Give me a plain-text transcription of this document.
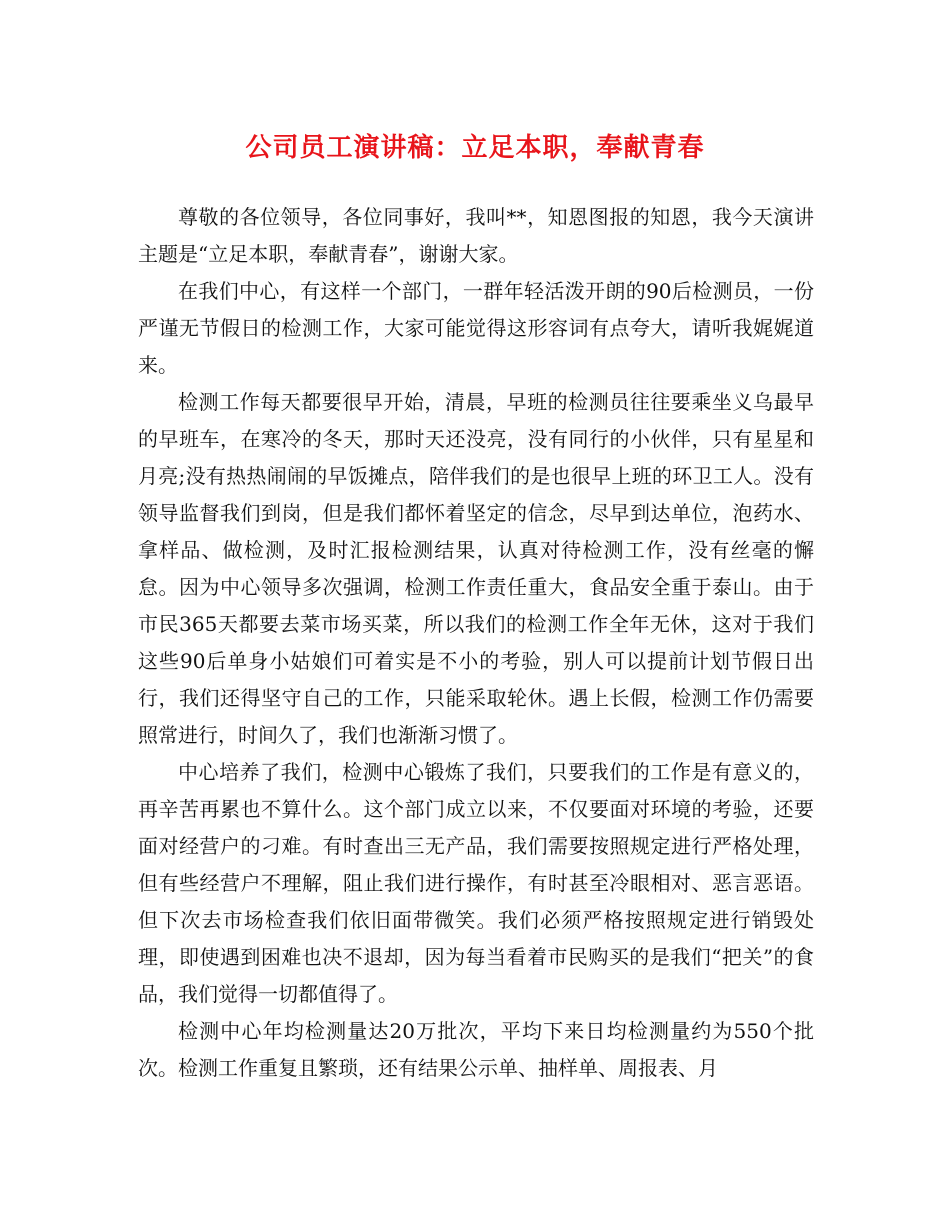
公司员工演讲稿：立足本职，奉献青春

尊敬的各位领导，各位同事好，我叫**，知恩图报的知恩，我今天演讲主题是“立足本职，奉献青春”，谢谢大家。

在我们中心，有这样一个部门，一群年轻活泼开朗的90后检测员，一份严谨无节假日的检测工作，大家可能觉得这形容词有点夸大，请听我娓娓道来。

检测工作每天都要很早开始，清晨，早班的检测员往往要乘坐义乌最早的早班车，在寒冷的冬天，那时天还没亮，没有同行的小伙伴，只有星星和月亮;没有热热闹闹的早饭摊点，陪伴我们的是也很早上班的环卫工人。没有领导监督我们到岗，但是我们都怀着坚定的信念，尽早到达单位，泡药水、拿样品、做检测，及时汇报检测结果，认真对待检测工作，没有丝毫的懈怠。因为中心领导多次强调，检测工作责任重大，食品安全重于泰山。由于市民365天都要去菜市场买菜，所以我们的检测工作全年无休，这对于我们这些90后单身小姑娘们可着实是不小的考验，别人可以提前计划节假日出行，我们还得坚守自己的工作，只能采取轮休。遇上长假，检测工作仍需要照常进行，时间久了，我们也渐渐习惯了。

中心培养了我们，检测中心锻炼了我们，只要我们的工作是有意义的，再辛苦再累也不算什么。这个部门成立以来，不仅要面对环境的考验，还要面对经营户的刁难。有时查出三无产品，我们需要按照规定进行严格处理，但有些经营户不理解，阻止我们进行操作，有时甚至冷眼相对、恶言恶语。但下次去市场检查我们依旧面带微笑。我们必须严格按照规定进行销毁处理，即使遇到困难也决不退却，因为每当看着市民购买的是我们“把关”的食品，我们觉得一切都值得了。

检测中心年均检测量达20万批次，平均下来日均检测量约为550个批次。检测工作重复且繁琐，还有结果公示单、抽样单、周报表、月
